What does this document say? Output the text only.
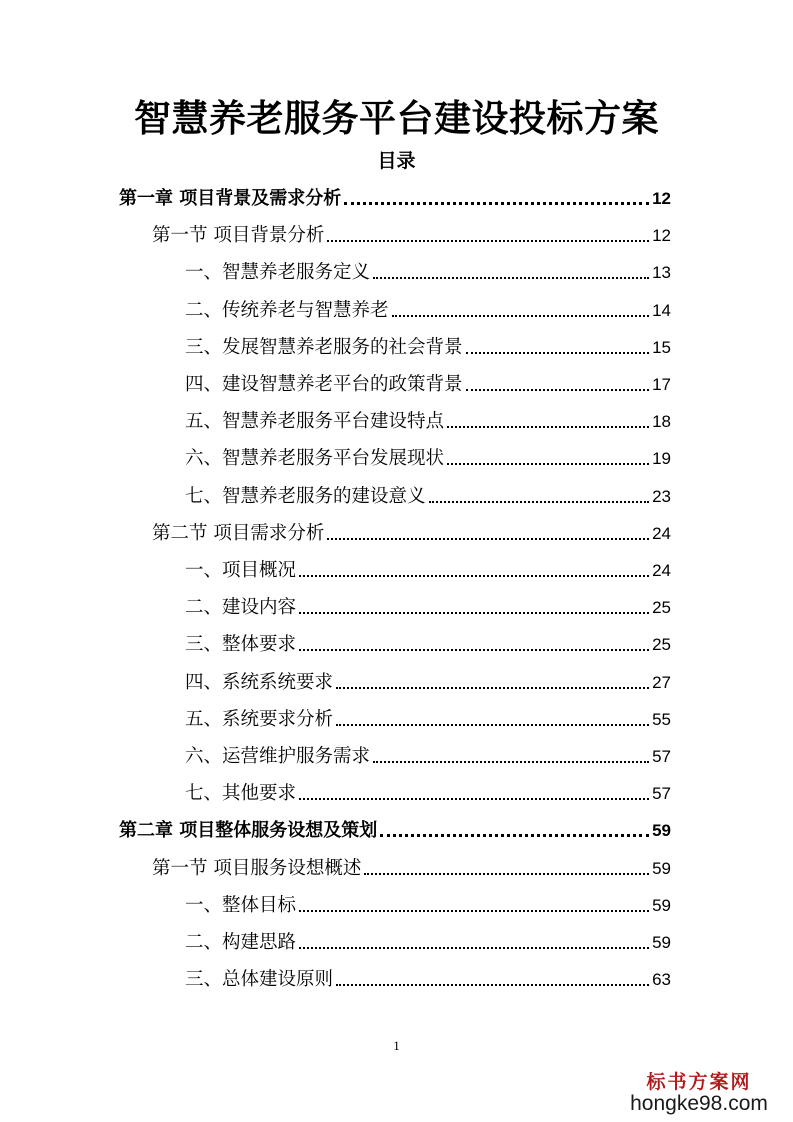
智慧养老服务平台建设投标方案
目录
第一章 项目背景及需求分析	12
第一节 项目背景分析	12
一、智慧养老服务定义	13
二、传统养老与智慧养老	14
三、发展智慧养老服务的社会背景	15
四、建设智慧养老平台的政策背景	17
五、智慧养老服务平台建设特点	18
六、智慧养老服务平台发展现状	19
七、智慧养老服务的建设意义	23
第二节 项目需求分析	24
一、项目概况	24
二、建设内容	25
三、整体要求	25
四、系统系统要求	27
五、系统要求分析	55
六、运营维护服务需求	57
七、其他要求	57
第二章 项目整体服务设想及策划	59
第一节 项目服务设想概述	59
一、整体目标	59
二、构建思路	59
三、总体建设原则	63
1
标书方案网
hongke98.com
